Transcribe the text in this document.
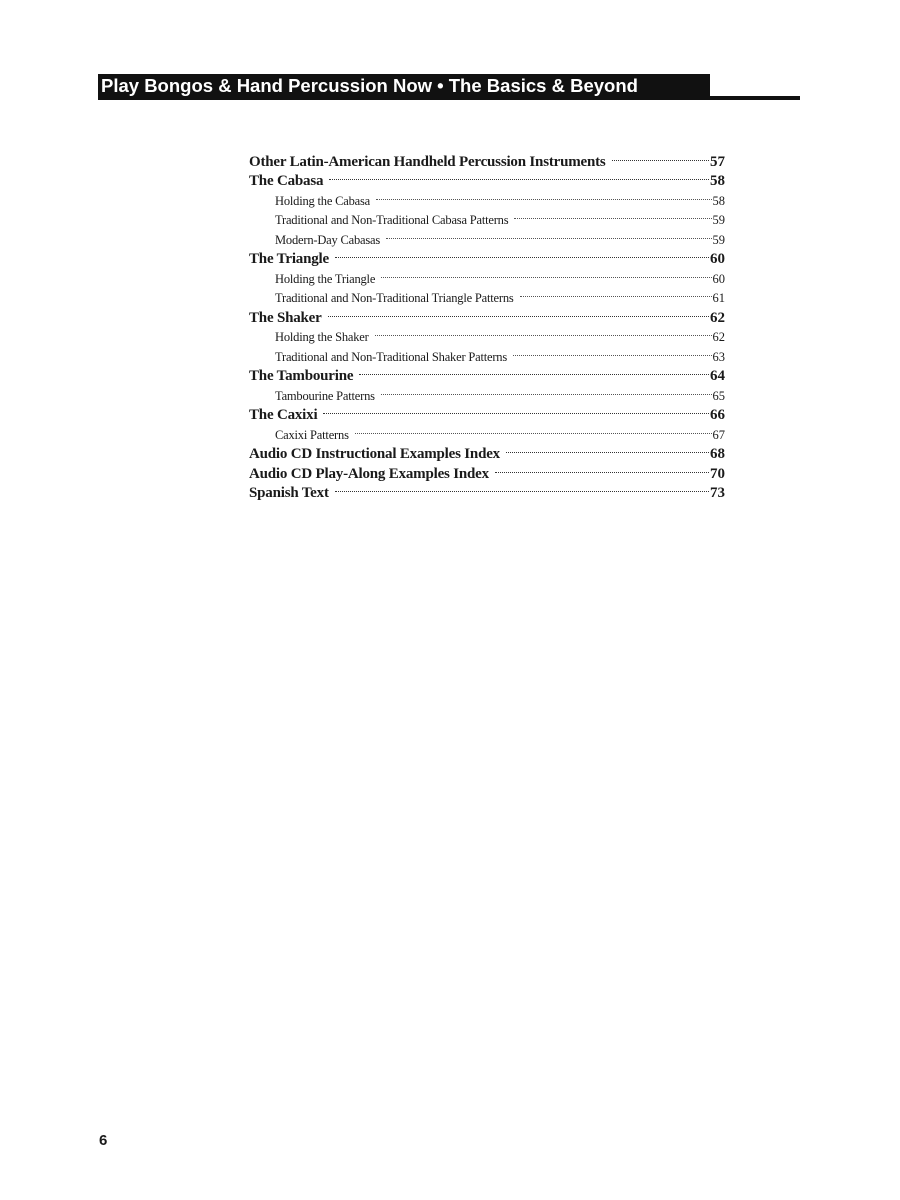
Play Bongos & Hand Percussion Now • The Basics & Beyond
Other Latin-American Handheld Percussion Instruments	57
The Cabasa	58
Holding the Cabasa	58
Traditional and Non-Traditional Cabasa Patterns	59
Modern-Day Cabasas	59
The Triangle	60
Holding the Triangle	60
Traditional and Non-Traditional Triangle Patterns	61
The Shaker	62
Holding the Shaker	62
Traditional and Non-Traditional Shaker Patterns	63
The Tambourine	64
Tambourine Patterns	65
The Caxixi	66
Caxixi Patterns	67
Audio CD Instructional Examples Index	68
Audio CD Play-Along Examples Index	70
Spanish Text	73
6
